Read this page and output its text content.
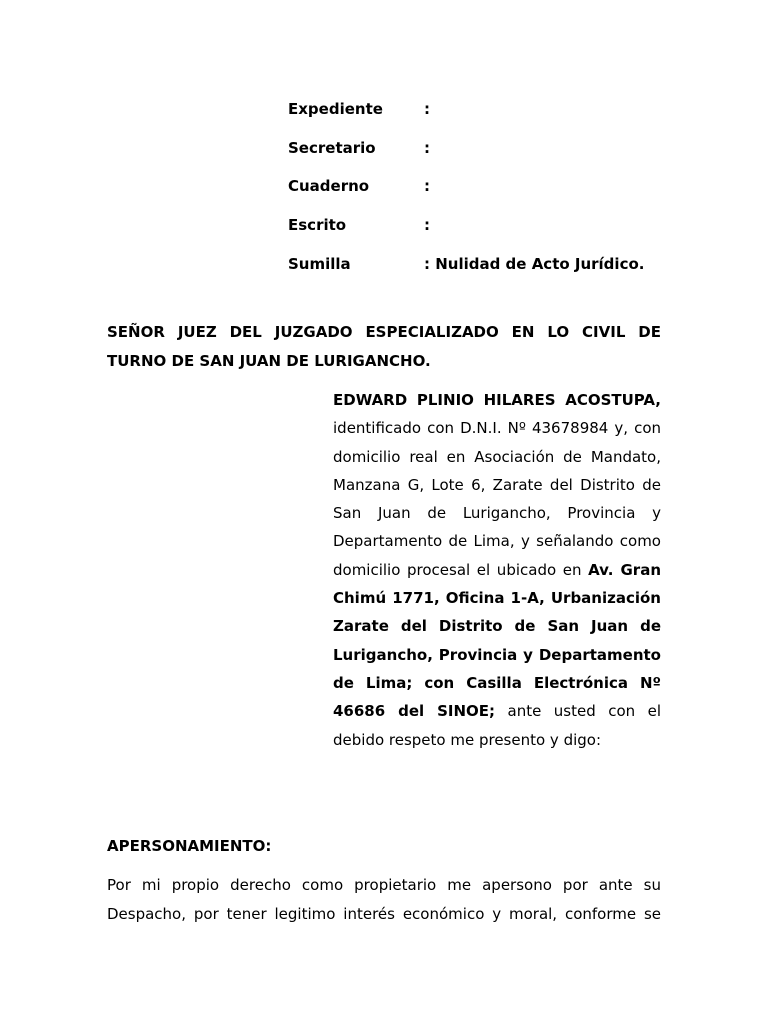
Expediente	:
Secretario	:
Cuaderno	:
Escrito	:
Sumilla	: Nulidad de Acto Jurídico.
SEÑOR JUEZ DEL JUZGADO ESPECIALIZADO EN LO CIVIL DE TURNO DE SAN JUAN DE LURIGANCHO.
EDWARD PLINIO HILARES ACOSTUPA, identificado con D.N.I. Nº 43678984 y, con domicilio real en Asociación de Mandato, Manzana G, Lote 6, Zarate del Distrito de San Juan de Lurigancho, Provincia y Departamento de Lima, y señalando como domicilio procesal el ubicado en Av. Gran Chimú 1771, Oficina 1-A, Urbanización Zarate del Distrito de San Juan de Lurigancho, Provincia y Departamento de Lima; con Casilla Electrónica Nº 46686 del SINOE; ante usted con el debido respeto me presento y digo:
APERSONAMIENTO:
Por mi propio derecho como propietario me apersono por ante su Despacho, por tener legitimo interés económico y moral, conforme se
